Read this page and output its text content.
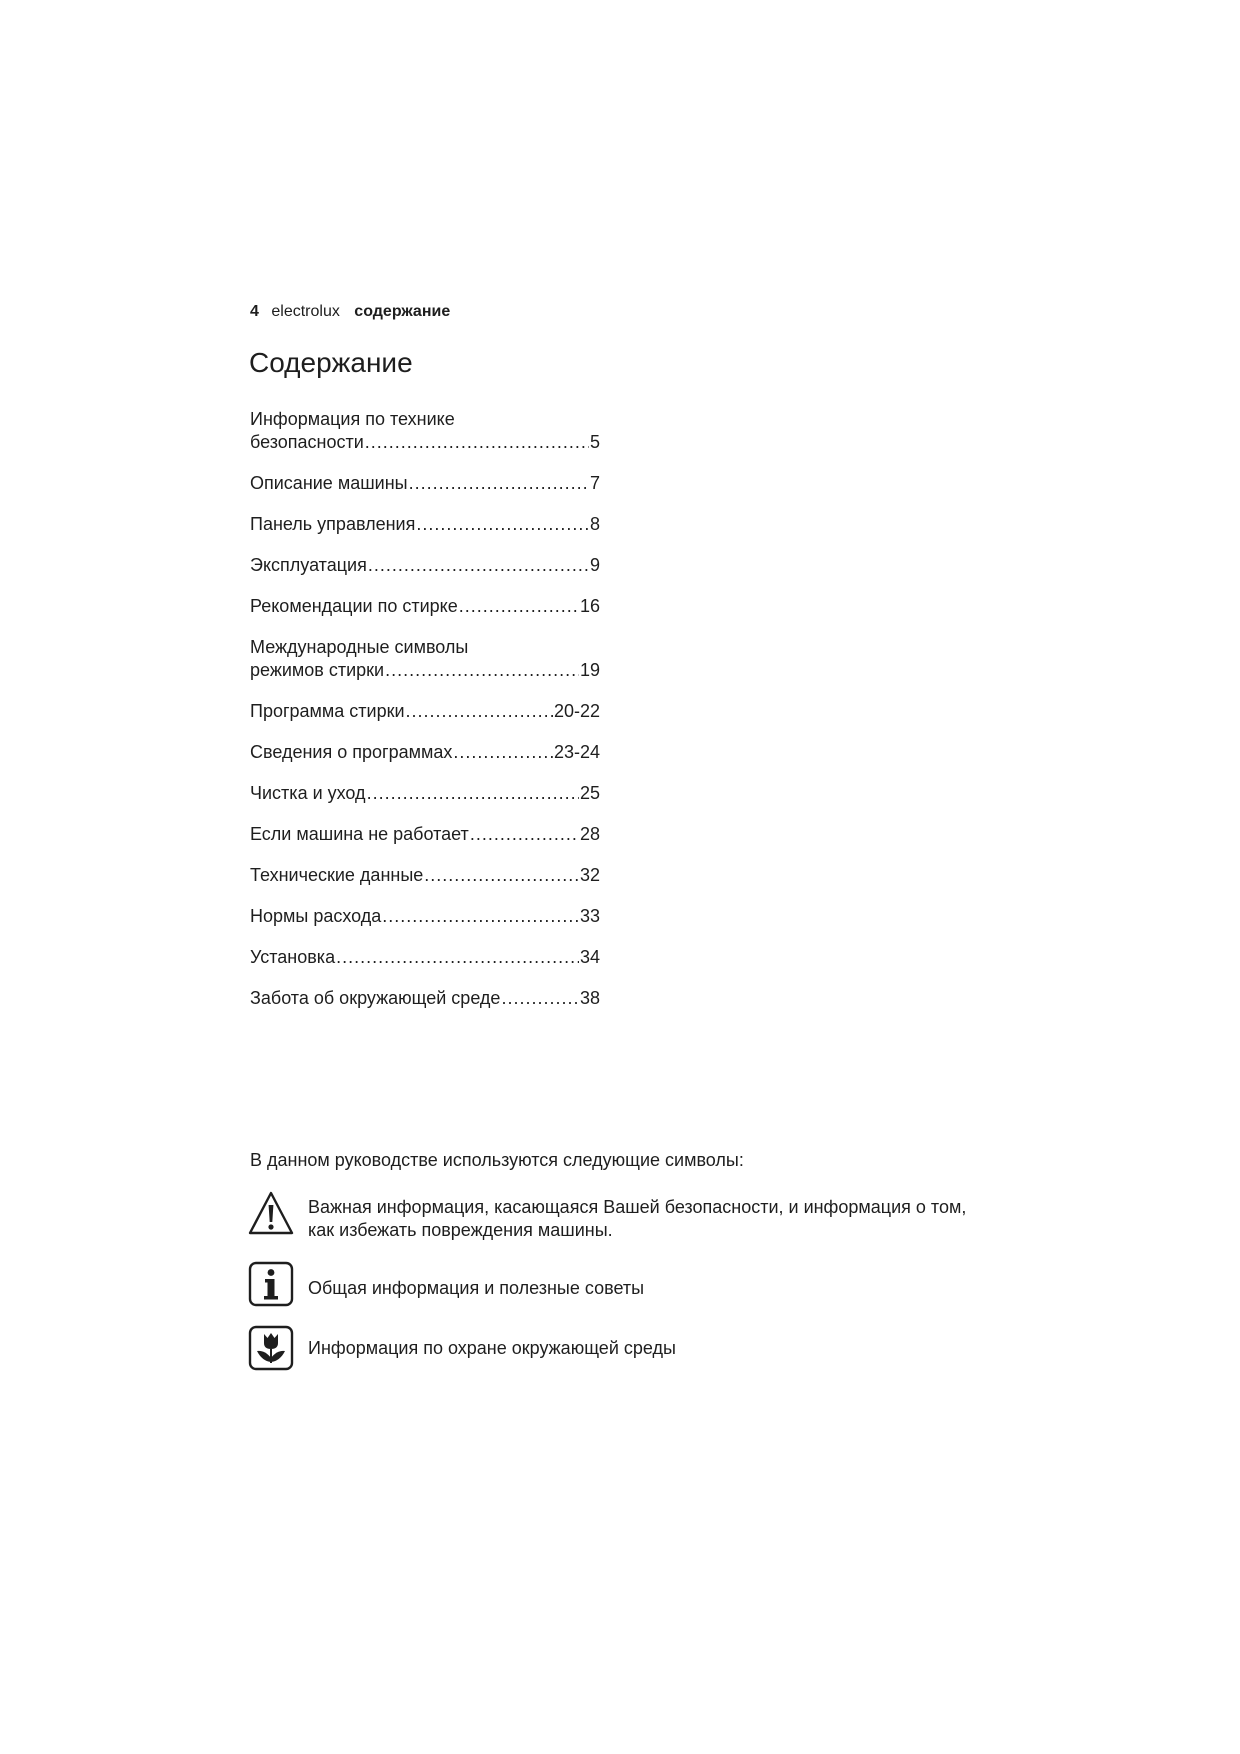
4 electrolux содержание
Содержание
Информация по технике
безопасности .....	5
Описание машины .....	7
Панель управления .....	8
Эксплуатация .....	9
Рекомендации по стирке .....	16
Международные символы
режимов стирки .....	19
Программа стирки .....	20-22
Сведения о программах .....	23-24
Чистка и уход .....	25
Если машина не работает .....	28
Технические данные .....	32
Нормы расхода .....	33
Установка .....	34
Забота об окружающей среде .....	38
В данном руководстве используются следующие символы:
Важная информация, касающаяся Вашей безопасности, и информация о том,
как избежать повреждения машины.
Общая информация и полезные советы
Информация по охране окружающей среды
